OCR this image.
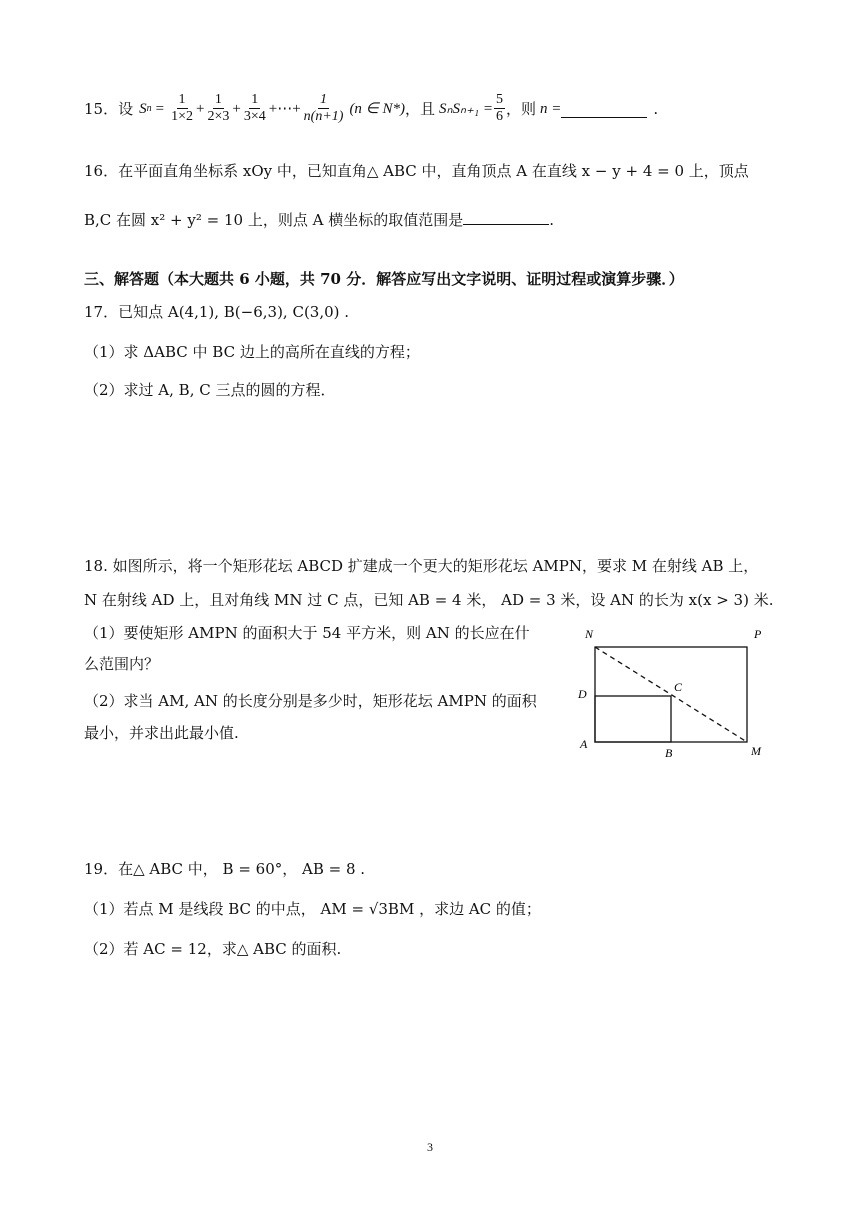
15． 设 S $n = \frac{1}{1\times 2} + \frac{1}{2\times 3} + \frac{1}{3\times 4}$ +⋯+ $\frac{1}{n(n+1)} (n$ ∈ N*) ，且 $S_nS_{n+1} = \frac{5}{6}$ ，则 n =	.
16．在平面直角坐标系 xOy 中，已知直角△ ABC 中，直角顶点 A 在直线 x − y + 4 = 0 上，顶点
B,C 在圆 x² + y² = 10 上，则点 A 横坐标的取值范围是	.
三、解答题（本大题共 6 小题，共 70 分．解答应写出文字说明、证明过程或演算步骤．）
17．已知点 A(4,1), B(−6,3), C(3,0) .
（1）求 ΔABC 中 BC 边上的高所在直线的方程；
（2）求过 A, B, C 三点的圆的方程．
18. 如图所示，将一个矩形花坛 ABCD 扩建成一个更大的矩形花坛 AMPN，要求 M 在射线 AB 上，
N 在射线 AD 上，且对角线 MN 过 C 点，已知 AB = 4 米， AD = 3 米，设 AN 的长为 x(x > 3) 米.
（1）要使矩形 AMPN 的面积大于 54 平方米，则 AN 的长应在什
么范围内？
（2）求当 AM, AN 的长度分别是多少时，矩形花坛 AMPN 的面积
最小，并求出此最小值.
N	P
D	C
A
B	M
19．在△ ABC 中， B = 60°， AB = 8 .
（1）若点 M 是线段 BC 的中点， AM = √3BM ，求边 AC 的值；
（2）若 AC = 12，求△ ABC 的面积.
3
